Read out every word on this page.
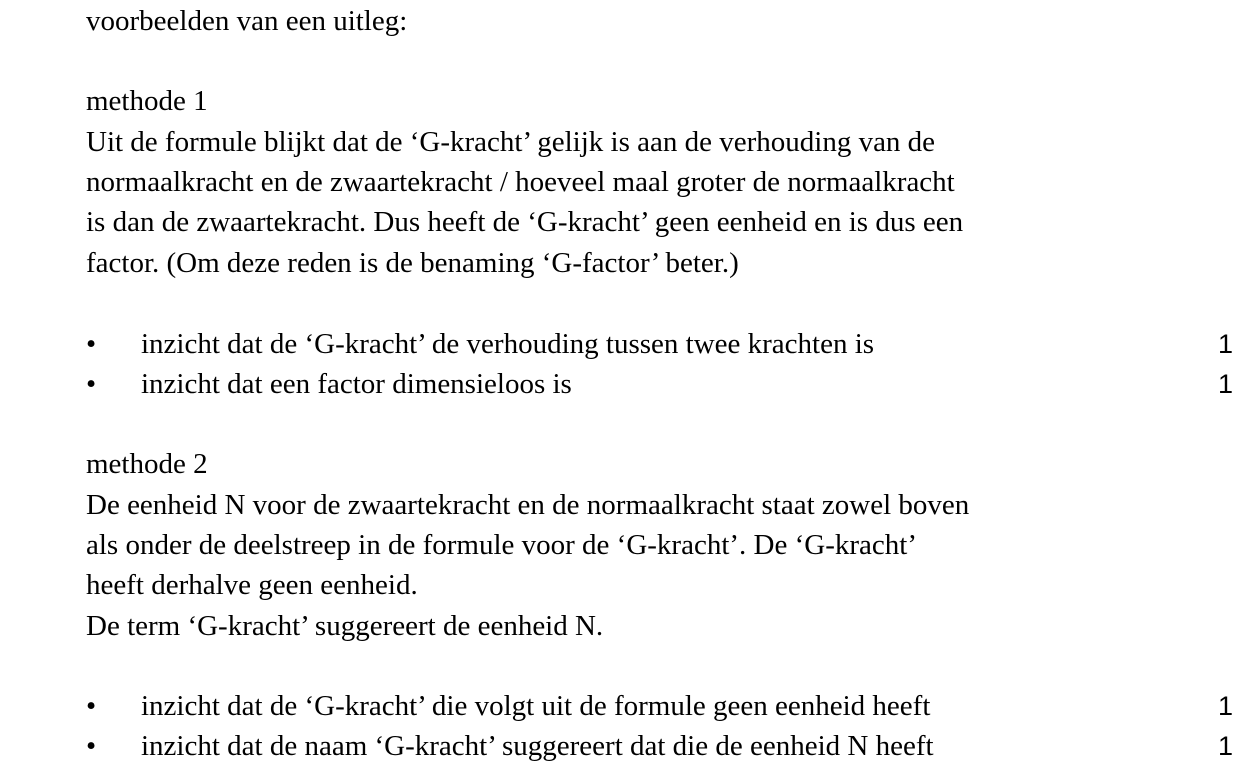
voorbeelden van een uitleg:
methode 1
Uit de formule blijkt dat de ‘G-kracht’ gelijk is aan de verhouding van de
normaalkracht en de zwaartekracht / hoeveel maal groter de normaalkracht
is dan de zwaartekracht. Dus heeft de ‘G-kracht’ geen eenheid en is dus een
factor. (Om deze reden is de benaming ‘G-factor’ beter.)
•	inzicht dat de ‘G-kracht’ de verhouding tussen twee krachten is	1
•	inzicht dat een factor dimensieloos is	1
methode 2
De eenheid N voor de zwaartekracht en de normaalkracht staat zowel boven
als onder de deelstreep in de formule voor de ‘G-kracht’. De ‘G-kracht’
heeft derhalve geen eenheid.
De term ‘G-kracht’ suggereert de eenheid N.
•	inzicht dat de ‘G-kracht’ die volgt uit de formule geen eenheid heeft	1
•	inzicht dat de naam ‘G-kracht’ suggereert dat die de eenheid N heeft	1
